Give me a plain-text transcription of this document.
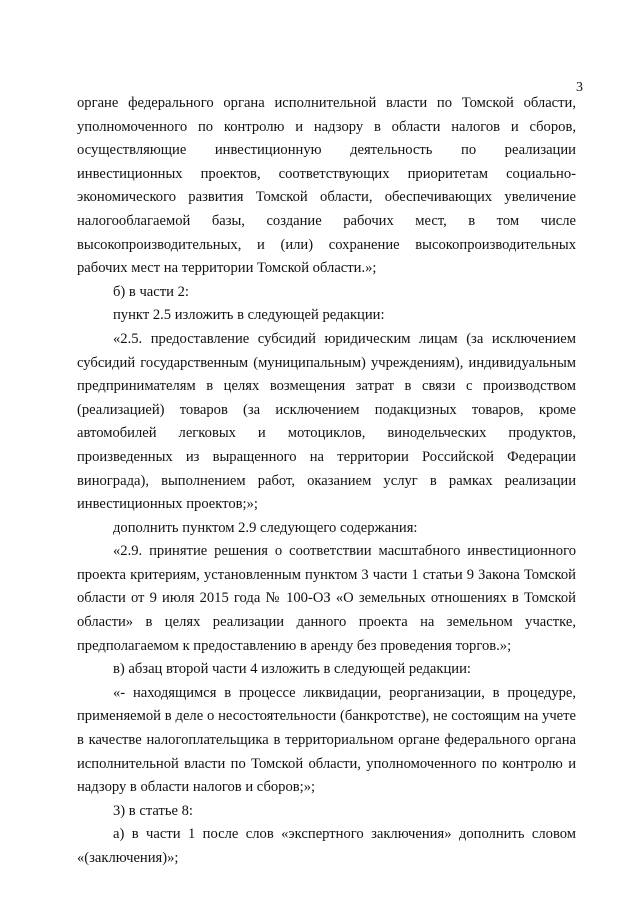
3

органе федерального органа исполнительной власти по Томской области, уполномоченного по контролю и надзору в области налогов и сборов, осуществляющие инвестиционную деятельность по реализации инвестиционных проектов, соответствующих приоритетам социально-экономического развития Томской области, обеспечивающих увеличение налогооблагаемой базы, создание рабочих мест, в том числе высокопроизводительных, и (или) сохранение высокопроизводительных рабочих мест на территории Томской области.»;

б) в части 2:

пункт 2.5 изложить в следующей редакции:

«2.5. предоставление субсидий юридическим лицам (за исключением субсидий государственным (муниципальным) учреждениям), индивидуальным предпринимателям в целях возмещения затрат в связи с производством (реализацией) товаров (за исключением подакцизных товаров, кроме автомобилей легковых и мотоциклов, винодельческих продуктов, произведенных из выращенного на территории Российской Федерации винограда), выполнением работ, оказанием услуг в рамках реализации инвестиционных проектов;»;

дополнить пунктом 2.9 следующего содержания:

«2.9. принятие решения о соответствии масштабного инвестиционного проекта критериям, установленным пунктом 3 части 1 статьи 9 Закона Томской области от 9 июля 2015 года № 100-ОЗ «О земельных отношениях в Томской области» в целях реализации данного проекта на земельном участке, предполагаемом к предоставлению в аренду без проведения торгов.»;

в) абзац второй части 4 изложить в следующей редакции:

«- находящимся в процессе ликвидации, реорганизации, в процедуре, применяемой в деле о несостоятельности (банкротстве), не состоящим на учете в качестве налогоплательщика в территориальном органе федерального органа исполнительной власти по Томской области, уполномоченного по контролю и надзору в области налогов и сборов;»;

3) в статье 8:

а) в части 1 после слов «экспертного заключения» дополнить словом «(заключения)»;
